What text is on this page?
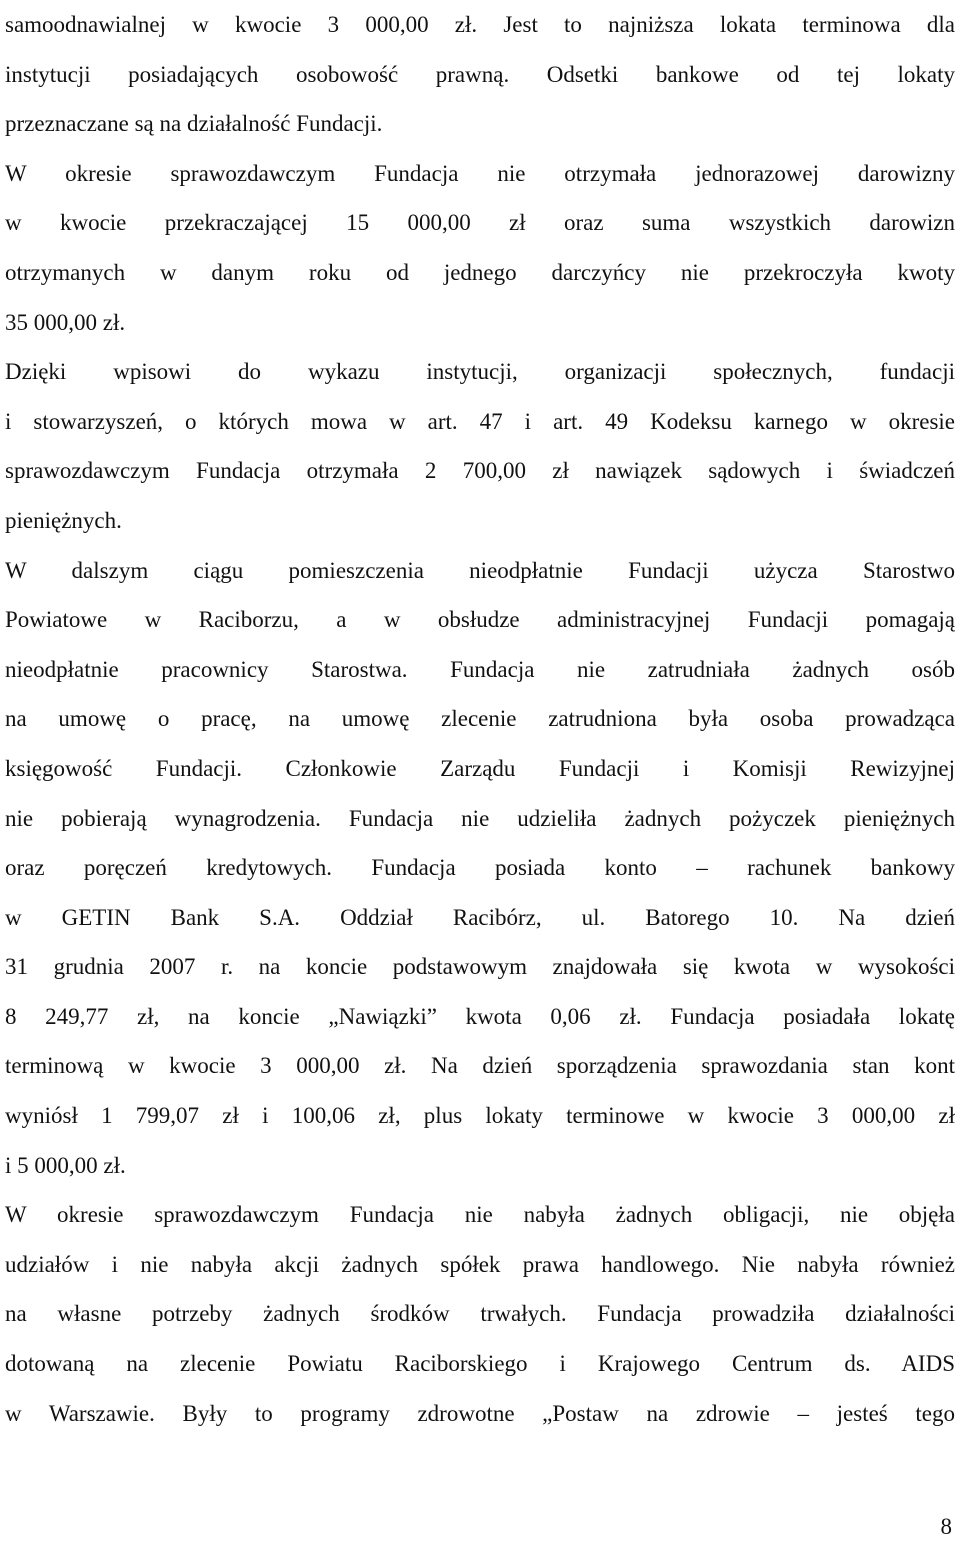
samoodnawialnej w kwocie 3 000,00 zł. Jest to najniższa lokata terminowa dla
instytucji posiadających osobowość prawną. Odsetki bankowe od tej lokaty
przeznaczane są na działalność Fundacji.
W okresie sprawozdawczym Fundacja nie otrzymała jednorazowej darowizny
w kwocie przekraczającej 15 000,00 zł oraz suma wszystkich darowizn
otrzymanych w danym roku od jednego darczyńcy nie przekroczyła kwoty
35 000,00 zł.
Dzięki wpisowi do wykazu instytucji, organizacji społecznych, fundacji
i stowarzyszeń, o których mowa w art. 47 i art. 49 Kodeksu karnego w okresie
sprawozdawczym Fundacja otrzymała 2 700,00 zł nawiązek sądowych i świadczeń
pieniężnych.
W dalszym ciągu pomieszczenia nieodpłatnie Fundacji użycza Starostwo
Powiatowe w Raciborzu, a w obsłudze administracyjnej Fundacji pomagają
nieodpłatnie pracownicy Starostwa. Fundacja nie zatrudniała żadnych osób
na umowę o pracę, na umowę zlecenie zatrudniona była osoba prowadząca
księgowość Fundacji. Członkowie Zarządu Fundacji i Komisji Rewizyjnej
nie pobierają wynagrodzenia. Fundacja nie udzieliła żadnych pożyczek pieniężnych
oraz poręczeń kredytowych. Fundacja posiada konto – rachunek bankowy
w GETIN Bank S.A. Oddział Racibórz, ul. Batorego 10. Na dzień
31 grudnia 2007 r. na koncie podstawowym znajdowała się kwota w wysokości
8 249,77 zł, na koncie „Nawiązki” kwota 0,06 zł. Fundacja posiadała lokatę
terminową w kwocie 3 000,00 zł. Na dzień sporządzenia sprawozdania stan kont
wyniósł 1 799,07 zł i 100,06 zł, plus lokaty terminowe w kwocie 3 000,00 zł
i 5 000,00 zł.
W okresie sprawozdawczym Fundacja nie nabyła żadnych obligacji, nie objęła
udziałów i nie nabyła akcji żadnych spółek prawa handlowego. Nie nabyła również
na własne potrzeby żadnych środków trwałych. Fundacja prowadziła działalności
dotowaną na zlecenie Powiatu Raciborskiego i Krajowego Centrum ds. AIDS
w Warszawie. Były to programy zdrowotne „Postaw na zdrowie – jesteś tego
8
